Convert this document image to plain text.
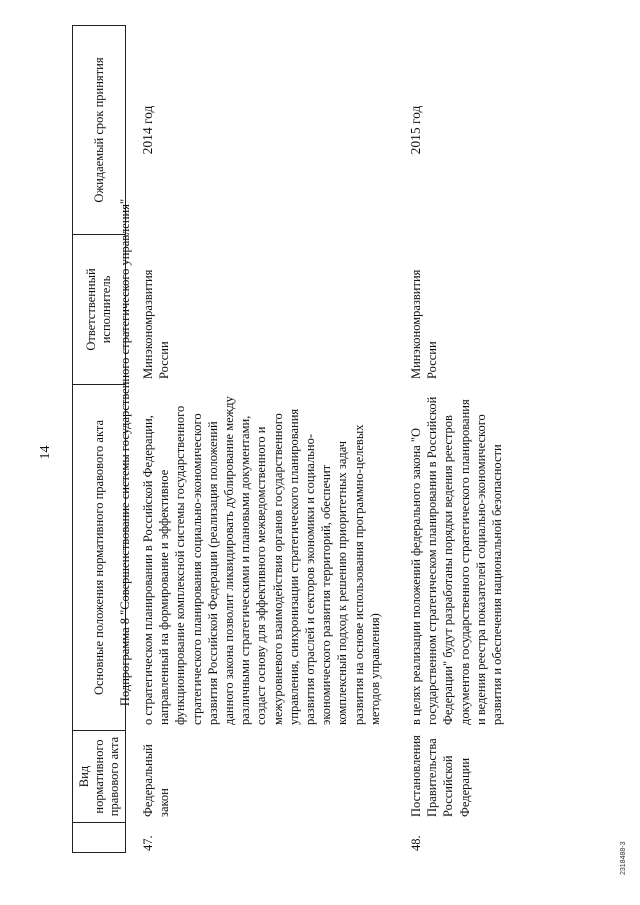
14
Вид нормативного правового акта
Основные положения нормативного правового акта
Ответственный исполнитель
Ожидаемый срок принятия
Подпрограмма 8 "Совершенствование системы государственного стратегического управления"
47.
Федеральный закон
о стратегическом планировании в Российской Федерации, направленный на формирование и эффективное функционирование комплексной системы государственного стратегического планирования социально-экономического развития Российской Федерации (реализация положений данного закона позволит ликвидировать дублирование между различными стратегическими и плановыми документами, создаст основу для эффективного межведомственного и межуровневого взаимодействия органов государственного управления, синхронизации стратегического планирования развития отраслей и секторов экономики и социально-экономического развития территорий, обеспечит комплексный подход к решению приоритетных задач развития на основе использования программно-целевых методов управления)
Минэкономразвития России
2014 год
48.
Постановления Правительства Российской Федерации
в целях реализации положений федерального закона "О государственном стратегическом планировании в Российской Федерации" будут разработаны порядки ведения реестров документов государственного стратегического планирования и ведения реестра показателей социально-экономического развития и обеспечения национальной безопасности
Минэкономразвития России
2015 год
2318488-3
